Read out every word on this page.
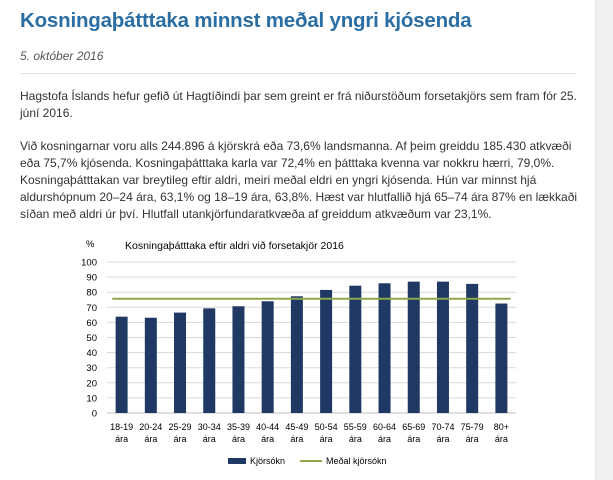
Kosningaþátttaka minnst meðal yngri kjósenda
5. október 2016

Hagstofa Íslands hefur gefið út Hagtíðindi þar sem greint er frá niðurstöðum forsetakjörs sem fram fór 25. júní 2016.

Við kosningarnar voru alls 244.896 á kjörskrá eða 73,6% landsmanna. Af þeim greiddu 185.430 atkvæði eða 75,7% kjósenda. Kosningaþátttaka karla var 72,4% en þátttaka kvenna var nokkru hærri, 79,0%. Kosningaþátttakan var breytileg eftir aldri, meiri meðal eldri en yngri kjósenda. Hún var minnst hjá aldurshópnum 20–24 ára, 63,1% og 18–19 ára, 63,8%. Hæst var hlutfallið hjá 65–74 ára 87% en lækkaði síðan með aldri úr því. Hlutfall utankjörfundaratkvæða af greiddum atkvæðum var 23,1%.

Kosningaþátttaka eftir aldri við forsetakjör 2016
%
0
10
20
30
40
50
60
70
80
90
100
18-19
ára
20-24
ára
25-29
ára
30-34
ára
35-39
ára
40-44
ára
45-49
ára
50-54
ára
55-59
ára
60-64
ára
65-69
ára
70-74
ára
75-79
ára
80+
ára
Kjörsókn	Meðal kjörsókn
